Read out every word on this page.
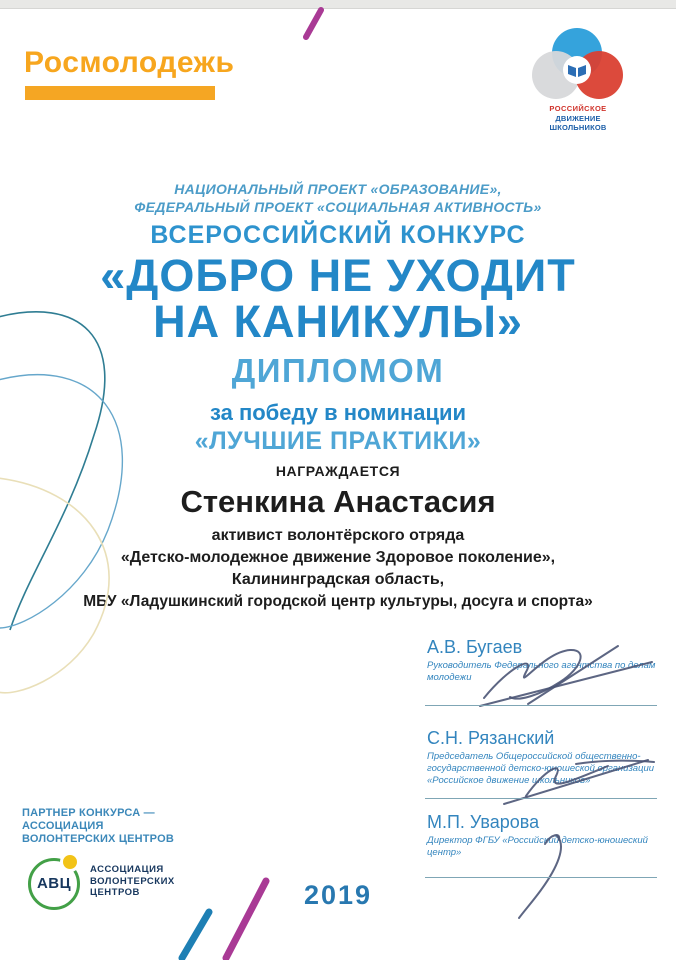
Росмолодежь
РОССИЙСКОЕ
ДВИЖЕНИЕ ШКОЛЬНИКОВ
НАЦИОНАЛЬНЫЙ ПРОЕКТ «ОБРАЗОВАНИЕ»,
ФЕДЕРАЛЬНЫЙ ПРОЕКТ «СОЦИАЛЬНАЯ АКТИВНОСТЬ»
ВСЕРОССИЙСКИЙ КОНКУРС
«ДОБРО НЕ УХОДИТ
НА КАНИКУЛЫ»
ДИПЛОМОМ
за победу в номинации
«ЛУЧШИЕ ПРАКТИКИ»
НАГРАЖДАЕТСЯ
Стенкина Анастасия
активист волонтёрского отряда
«Детско-молодежное движение Здоровое поколение»,
Калининградская область,
МБУ «Ладушкинский городской центр культуры, досуга и спорта»
А.В. Бугаев
Руководитель Федерального агентства по делам молодежи
С.Н. Рязанский
Председатель Общероссийской общественно-государственной детско-юношеской организации «Российское движение школьников»
М.П. Уварова
Директор ФГБУ «Российский детско-юношеский центр»
ПАРТНЕР КОНКУРСА —
АССОЦИАЦИЯ
ВОЛОНТЕРСКИХ ЦЕНТРОВ
АВЦ
АССОЦИАЦИЯ
ВОЛОНТЕРСКИХ
ЦЕНТРОВ	2019
